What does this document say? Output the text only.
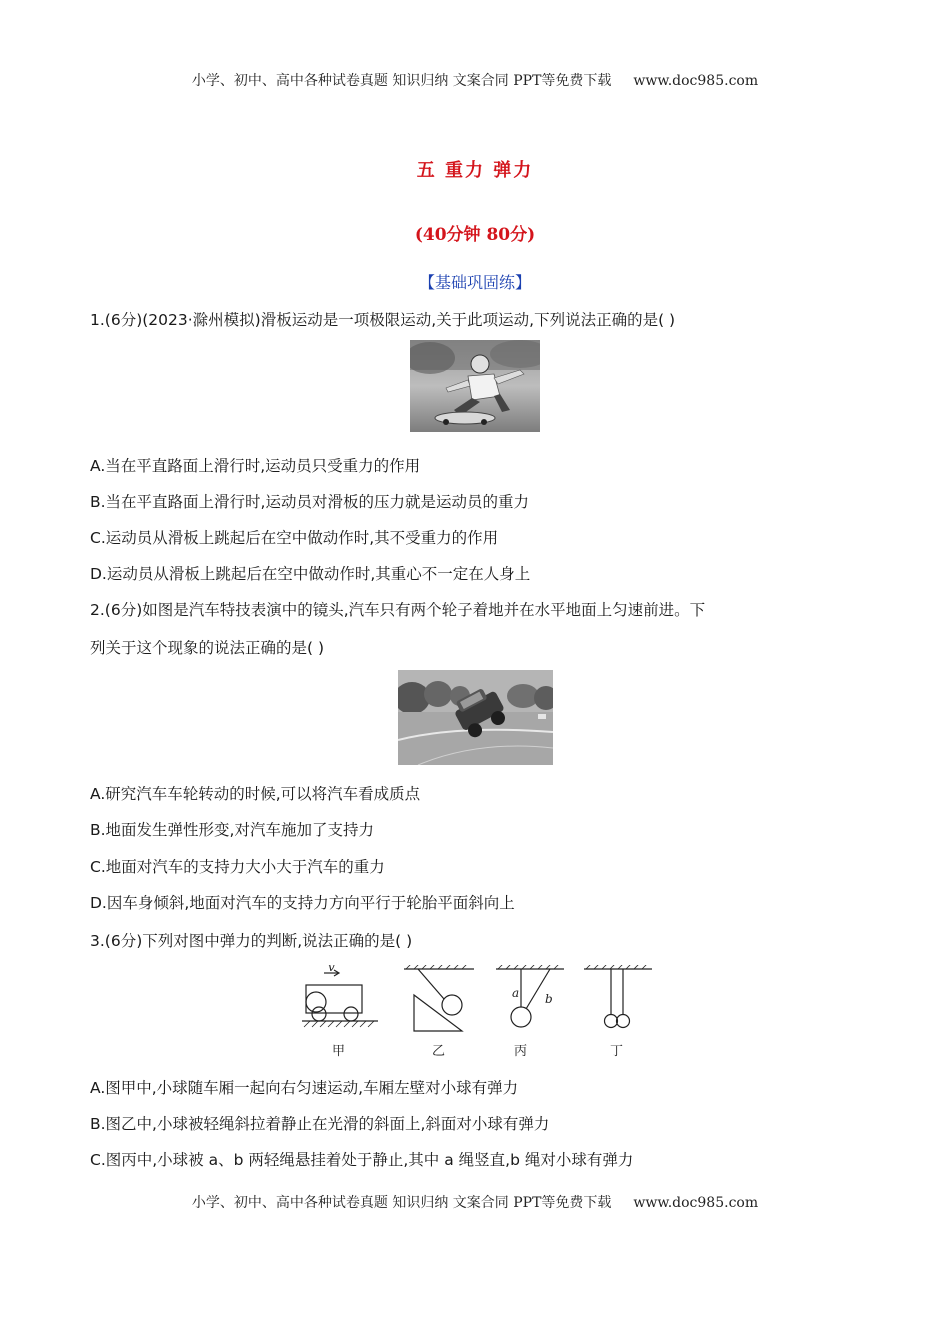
小学、初中、高中各种试卷真题 知识归纳 文案合同 PPT等免费下载 www.doc985.com
五 重力 弹力
(40分钟 80分)
【基础巩固练】
1.(6分)(2023·滁州模拟)滑板运动是一项极限运动,关于此项运动,下列说法正确的是( )
A.当在平直路面上滑行时,运动员只受重力的作用
B.当在平直路面上滑行时,运动员对滑板的压力就是运动员的重力
C.运动员从滑板上跳起后在空中做动作时,其不受重力的作用
D.运动员从滑板上跳起后在空中做动作时,其重心不一定在人身上
2.(6分)如图是汽车特技表演中的镜头,汽车只有两个轮子着地并在水平地面上匀速前进。下
列关于这个现象的说法正确的是( )
A.研究汽车车轮转动的时候,可以将汽车看成质点
B.地面发生弹性形变,对汽车施加了支持力
C.地面对汽车的支持力大小大于汽车的重力
D.因车身倾斜,地面对汽车的支持力方向平行于轮胎平面斜向上
3.(6分)下列对图中弹力的判断,说法正确的是( )
v
a b
甲	乙	丙	丁
A.图甲中,小球随车厢一起向右匀速运动,车厢左壁对小球有弹力
B.图乙中,小球被轻绳斜拉着静止在光滑的斜面上,斜面对小球有弹力
C.图丙中,小球被 a、b 两轻绳悬挂着处于静止,其中 a 绳竖直,b 绳对小球有弹力
小学、初中、高中各种试卷真题 知识归纳 文案合同 PPT等免费下载 www.doc985.com
